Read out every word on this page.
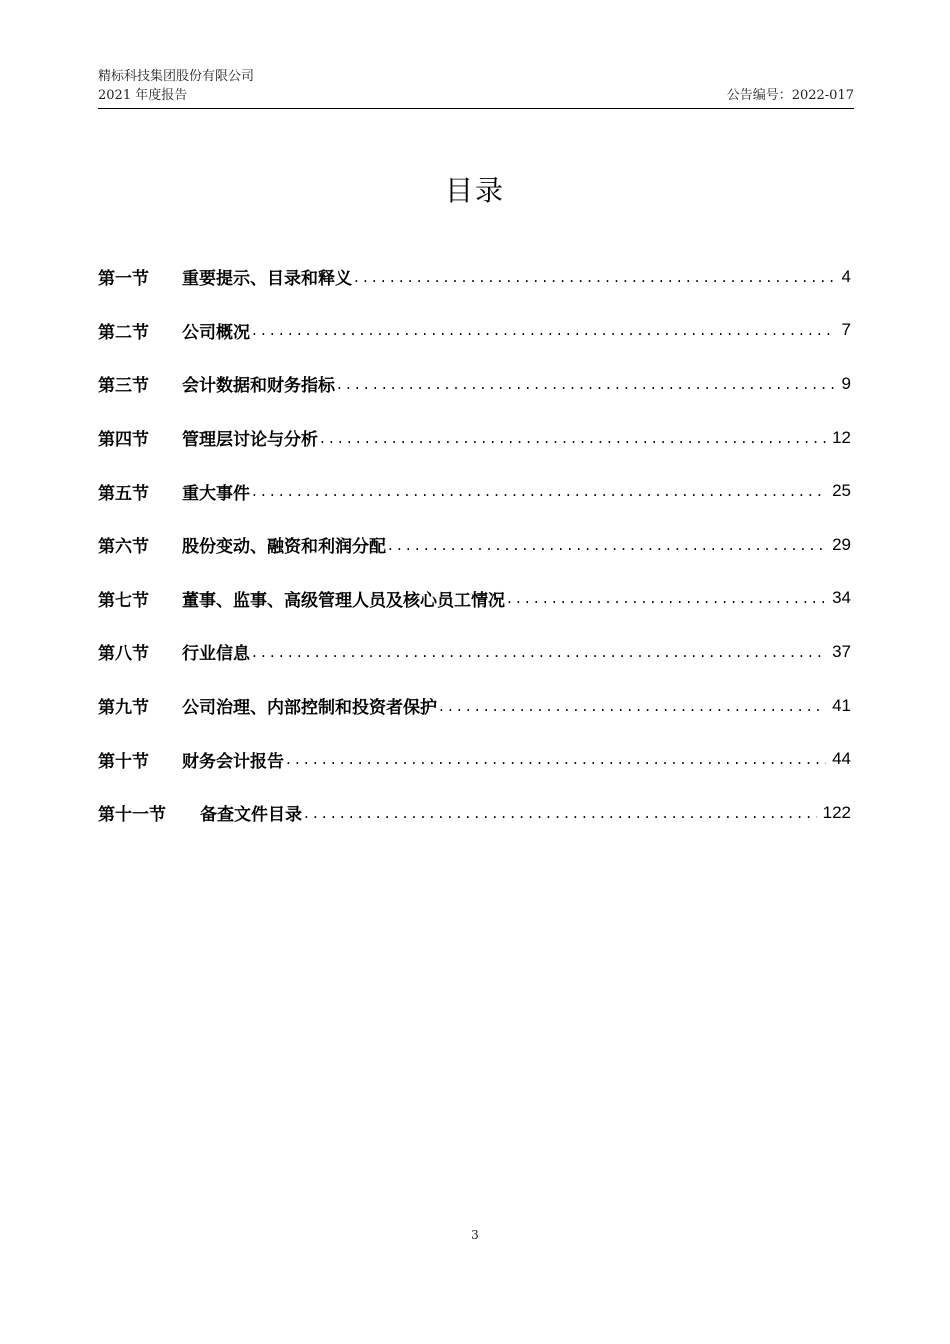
精标科技集团股份有限公司
2021 年度报告	公告编号：2022-017
目录
第一节	重要提示、目录和释义 .....	4
第二节	公司概况 .....	7
第三节	会计数据和财务指标 .....	9
第四节	管理层讨论与分析 .....	12
第五节	重大事件 .....	25
第六节	股份变动、融资和利润分配 .....	29
第七节	董事、监事、高级管理人员及核心员工情况 .....	34
第八节	行业信息 .....	37
第九节	公司治理、内部控制和投资者保护 .....	41
第十节	财务会计报告 .....	44
第十一节	备查文件目录 .....	122
3
